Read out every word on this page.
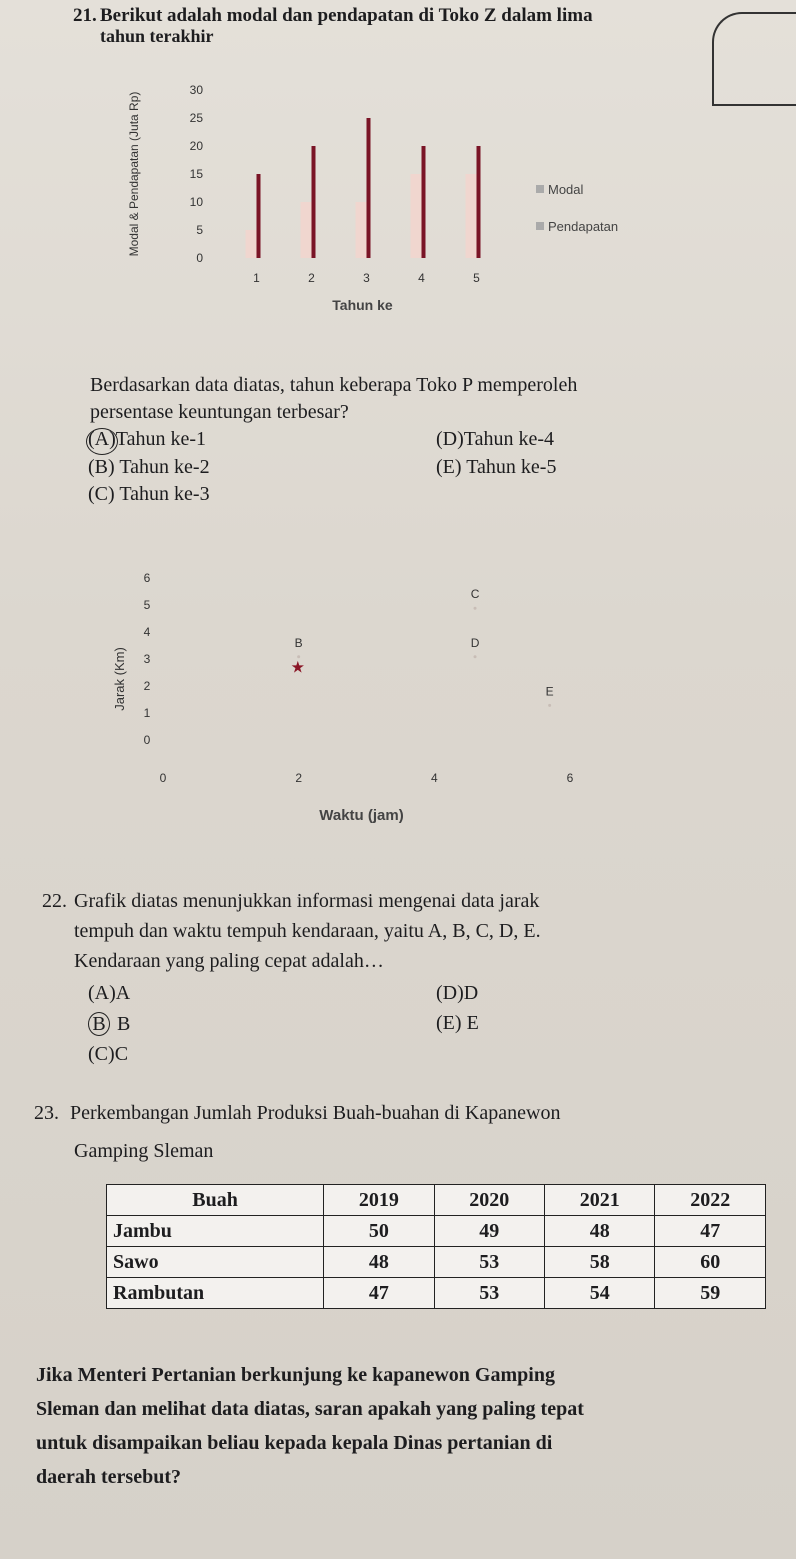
21. Berikut adalah modal dan pendapatan di Toko Z dalam lima
tahun terakhir
0
5
10
15
20
25
30
Modal & Pendapatan (Juta Rp)
1	2	3	4	5
Tahun ke
Modal
Pendapatan
Berdasarkan data diatas, tahun keberapa Toko P memperoleh
persentase keuntungan terbesar?
(A)Tahun ke-1
(B) Tahun ke-2
(C) Tahun ke-3
(D)Tahun ke-4
(E) Tahun ke-5
0
1
2
3
4
5
6
0	2	4	6
Jarak (Km)
Waktu (jam)
★
B
C
D
E
22. Grafik diatas menunjukkan informasi mengenai data jarak
tempuh dan waktu tempuh kendaraan, yaitu A, B, C, D, E.
Kendaraan yang paling cepat adalah…
(A)A
B B
(C)C
(D)D
(E) E
23. Perkembangan Jumlah Produksi Buah-buahan di Kapanewon
Gamping Sleman
Buah	2019	2020	2021	2022
Jambu	50	49	48	47
Sawo	48	53	58	60
Rambutan	47	53	54	59
Jika Menteri Pertanian berkunjung ke kapanewon Gamping
Sleman dan melihat data diatas, saran apakah yang paling tepat
untuk disampaikan beliau kepada kepala Dinas pertanian di
daerah tersebut?
